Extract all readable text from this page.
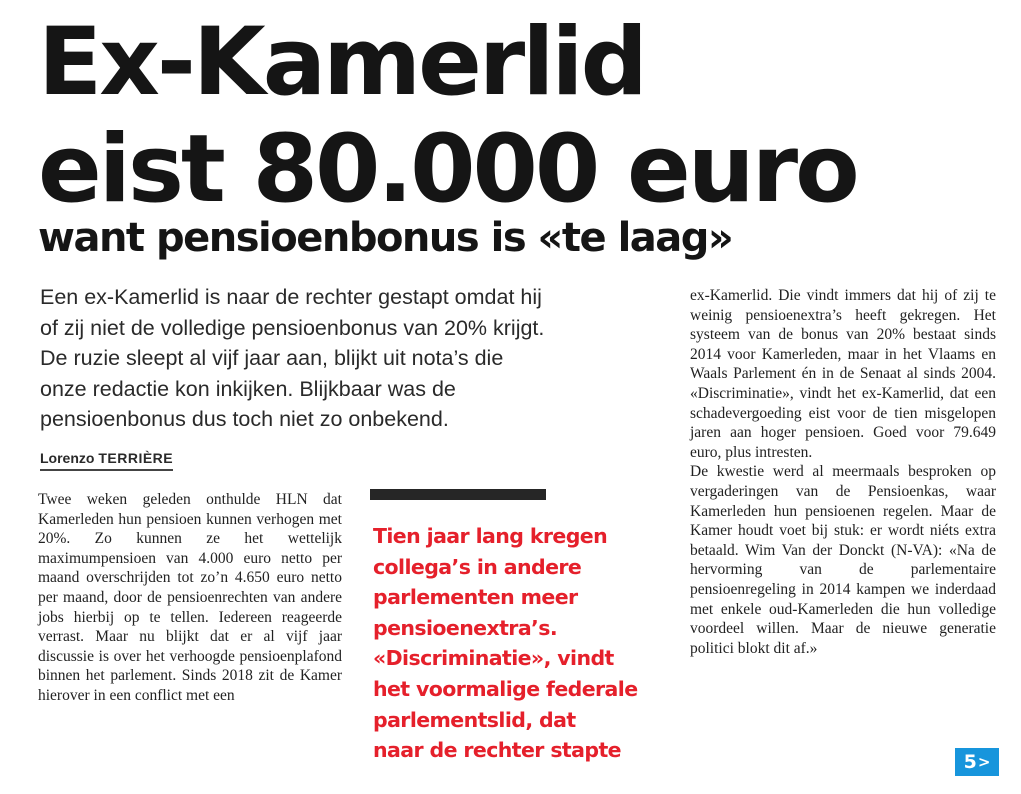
Ex-Kamerlid
eist 80.000 euro
want pensioenbonus is «te laag»

Een ex-Kamerlid is naar de rechter gestapt omdat hij
of zij niet de volledige pensioenbonus van 20% krijgt.
De ruzie sleept al vijf jaar aan, blijkt uit nota’s die
onze redactie kon inkijken. Blijkbaar was de
pensioenbonus dus toch niet zo onbekend.

Lorenzo TERRIÈRE

Twee weken geleden onthulde HLN dat Kamerleden hun pensioen kunnen verhogen met 20%. Zo kunnen ze het wettelijk maximumpensioen van 4.000 euro netto per maand overschrijden tot zo’n 4.650 euro netto per maand, door de pensioenrechten van andere jobs hierbij op te tellen. Iedereen reageerde verrast. Maar nu blijkt dat er al vijf jaar discussie is over het verhoogde pensioenplafond binnen het parlement. Sinds 2018 zit de Kamer hierover in een conflict met een

Tien jaar lang kregen
collega’s in andere
parlementen meer
pensioenextra’s.
«Discriminatie», vindt
het voormalige federale
parlementslid, dat
naar de rechter stapte

ex-Kamerlid. Die vindt immers dat hij of zij te weinig pensioenextra’s heeft gekregen. Het systeem van de bonus van 20% bestaat sinds 2014 voor Kamerleden, maar in het Vlaams en Waals Parlement én in de Senaat al sinds 2004. «Discriminatie», vindt het ex-Kamerlid, dat een schadevergoeding eist voor de tien misgelopen jaren aan hoger pensioen. Goed voor 79.649 euro, plus intresten.
De kwestie werd al meermaals besproken op vergaderingen van de Pensioenkas, waar Kamerleden hun pensioenen regelen. Maar de Kamer houdt voet bij stuk: er wordt niéts extra betaald. Wim Van der Donckt (N-VA): «Na de hervorming van de parlementaire pensioenregeling in 2014 kampen we inderdaad met enkele oud-Kamerleden die hun volledige voordeel willen. Maar de nieuwe generatie politici blokt dit af.»
5 >
